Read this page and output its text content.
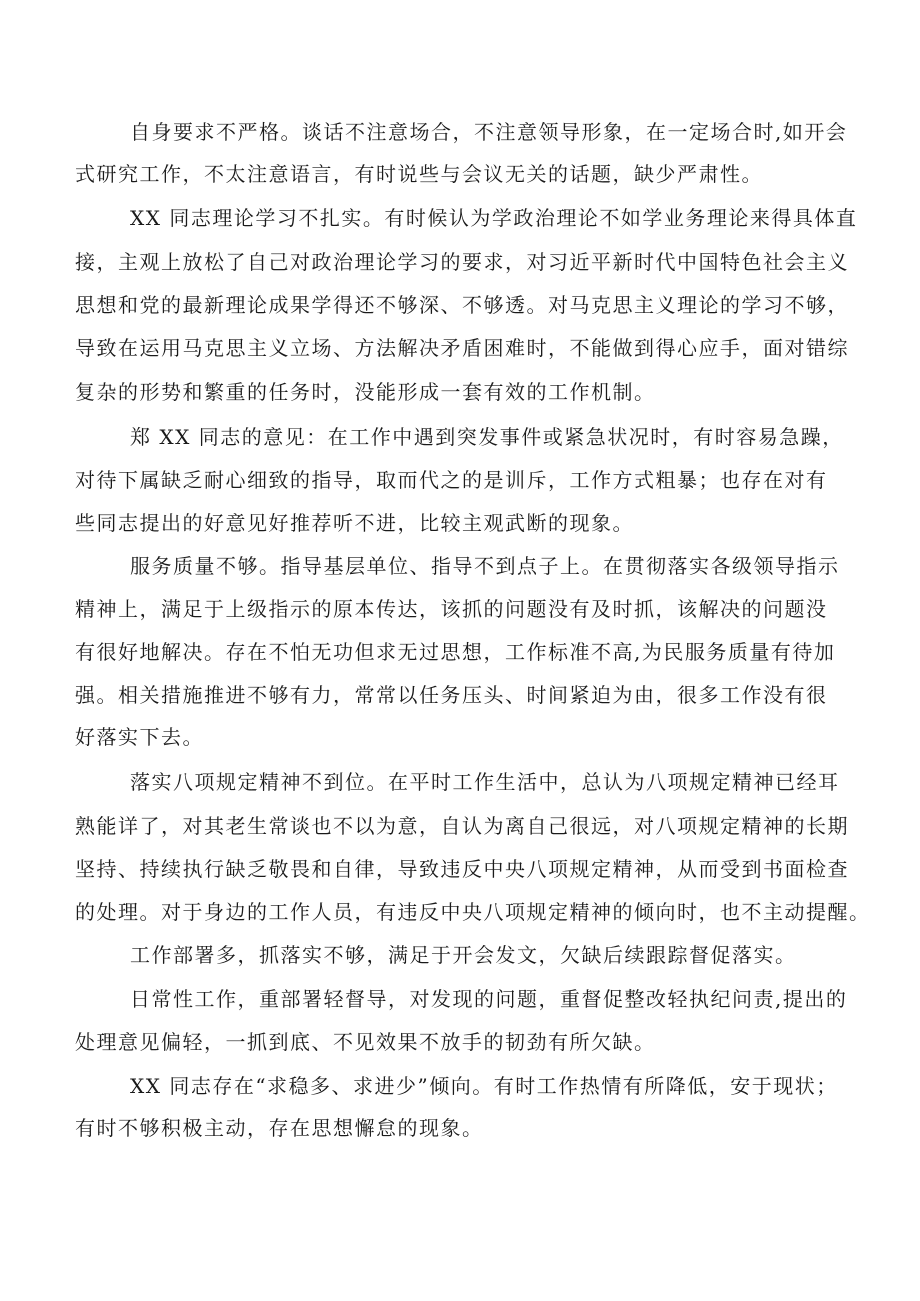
自身要求不严格。谈话不注意场合，不注意领导形象，在一定场合时,如开会
式研究工作，不太注意语言，有时说些与会议无关的话题，缺少严肃性。
XX 同志理论学习不扎实。有时候认为学政治理论不如学业务理论来得具体直
接，主观上放松了自己对政治理论学习的要求，对习近平新时代中国特色社会主义
思想和党的最新理论成果学得还不够深、不够透。对马克思主义理论的学习不够，
导致在运用马克思主义立场、方法解决矛盾困难时，不能做到得心应手，面对错综
复杂的形势和繁重的任务时，没能形成一套有效的工作机制。
郑 XX 同志的意见：在工作中遇到突发事件或紧急状况时，有时容易急躁，
对待下属缺乏耐心细致的指导，取而代之的是训斥，工作方式粗暴；也存在对有
些同志提出的好意见好推荐听不进，比较主观武断的现象。
服务质量不够。指导基层单位、指导不到点子上。在贯彻落实各级领导指示
精神上，满足于上级指示的原本传达，该抓的问题没有及时抓，该解决的问题没
有很好地解决。存在不怕无功但求无过思想，工作标准不高,为民服务质量有待加
强。相关措施推进不够有力，常常以任务压头、时间紧迫为由，很多工作没有很
好落实下去。
落实八项规定精神不到位。在平时工作生活中，总认为八项规定精神已经耳
熟能详了，对其老生常谈也不以为意，自认为离自己很远，对八项规定精神的长期
坚持、持续执行缺乏敬畏和自律，导致违反中央八项规定精神，从而受到书面检查
的处理。对于身边的工作人员，有违反中央八项规定精神的倾向时，也不主动提醒。
工作部署多，抓落实不够，满足于开会发文，欠缺后续跟踪督促落实。
日常性工作，重部署轻督导，对发现的问题，重督促整改轻执纪问责,提出的
处理意见偏轻，一抓到底、不见效果不放手的韧劲有所欠缺。
XX 同志存在“求稳多、求进少”倾向。有时工作热情有所降低，安于现状；
有时不够积极主动，存在思想懈怠的现象。
